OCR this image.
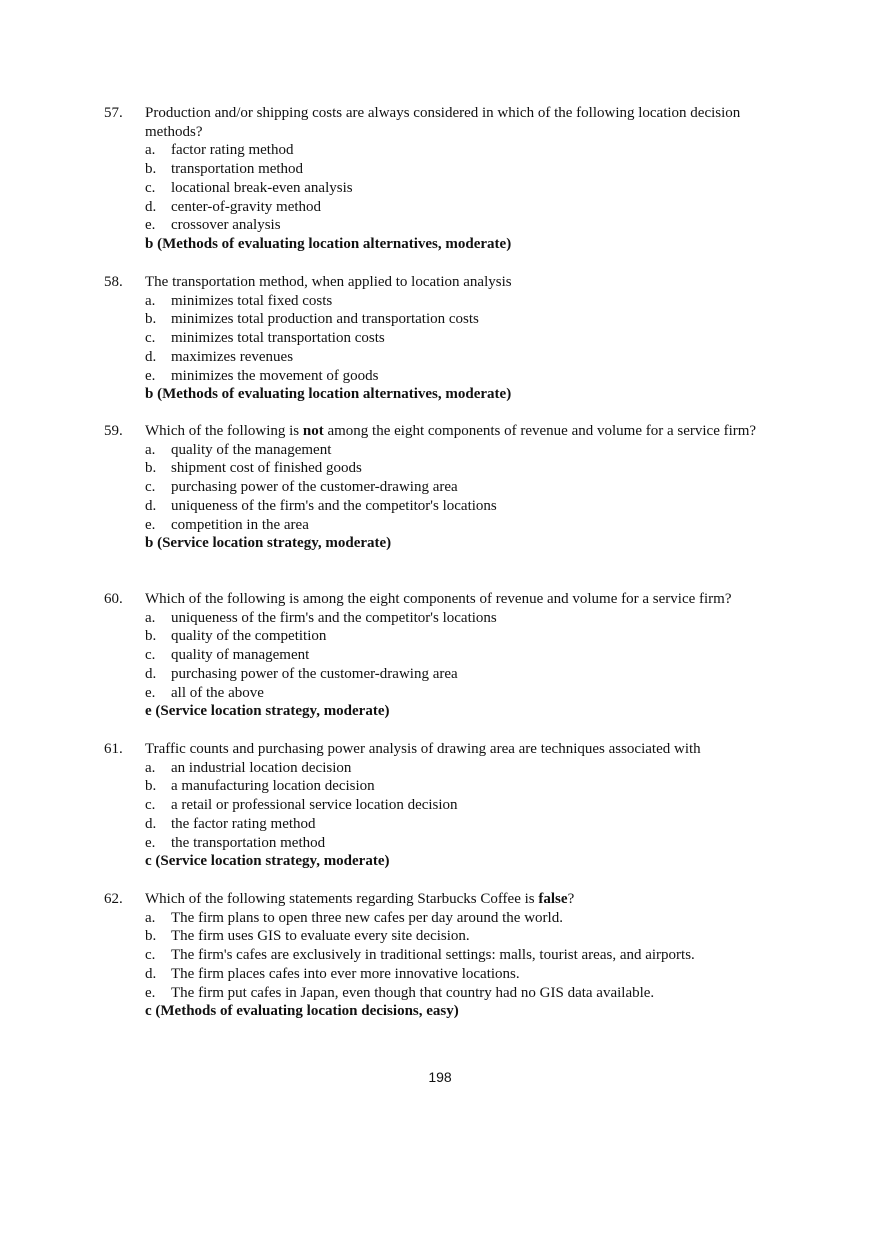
57. Production and/or shipping costs are always considered in which of the following location decision methods?
a. factor rating method
b. transportation method
c. locational break-even analysis
d. center-of-gravity method
e. crossover analysis
b (Methods of evaluating location alternatives, moderate)
58. The transportation method, when applied to location analysis
a. minimizes total fixed costs
b. minimizes total production and transportation costs
c. minimizes total transportation costs
d. maximizes revenues
e. minimizes the movement of goods
b (Methods of evaluating location alternatives, moderate)
59. Which of the following is not among the eight components of revenue and volume for a service firm?
a. quality of the management
b. shipment cost of finished goods
c. purchasing power of the customer-drawing area
d. uniqueness of the firm's and the competitor's locations
e. competition in the area
b (Service location strategy, moderate)
60. Which of the following is among the eight components of revenue and volume for a service firm?
a. uniqueness of the firm's and the competitor's locations
b. quality of the competition
c. quality of management
d. purchasing power of the customer-drawing area
e. all of the above
e (Service location strategy, moderate)
61. Traffic counts and purchasing power analysis of drawing area are techniques associated with
a. an industrial location decision
b. a manufacturing location decision
c. a retail or professional service location decision
d. the factor rating method
e. the transportation method
c (Service location strategy, moderate)
62. Which of the following statements regarding Starbucks Coffee is false?
a. The firm plans to open three new cafes per day around the world.
b. The firm uses GIS to evaluate every site decision.
c. The firm's cafes are exclusively in traditional settings: malls, tourist areas, and airports.
d. The firm places cafes into ever more innovative locations.
e. The firm put cafes in Japan, even though that country had no GIS data available.
c (Methods of evaluating location decisions, easy)
198
